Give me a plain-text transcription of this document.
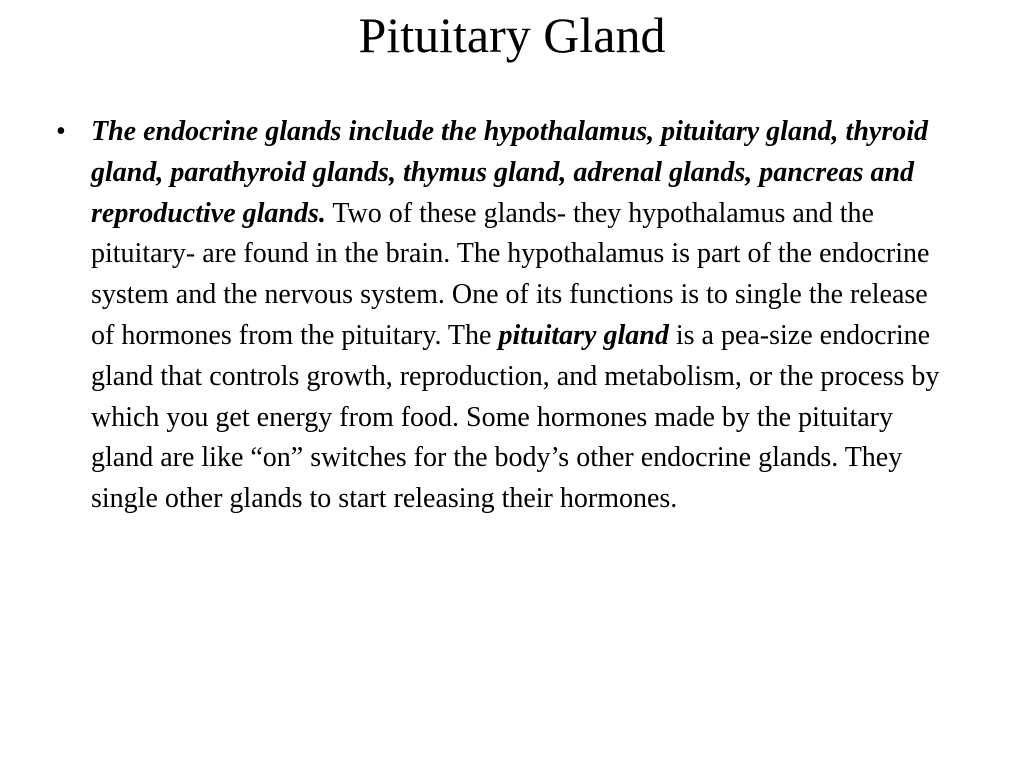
Pituitary Gland
• The endocrine glands include the hypothalamus, pituitary gland, thyroid gland, parathyroid glands, thymus gland, adrenal glands, pancreas and reproductive glands. Two of these glands- they hypothalamus and the pituitary- are found in the brain. The hypothalamus is part of the endocrine system and the nervous system. One of its functions is to single the release of hormones from the pituitary. The pituitary gland is a pea-size endocrine gland that controls growth, reproduction, and metabolism, or the process by which you get energy from food. Some hormones made by the pituitary gland are like “on” switches for the body’s other endocrine glands. They single other glands to start releasing their hormones.
